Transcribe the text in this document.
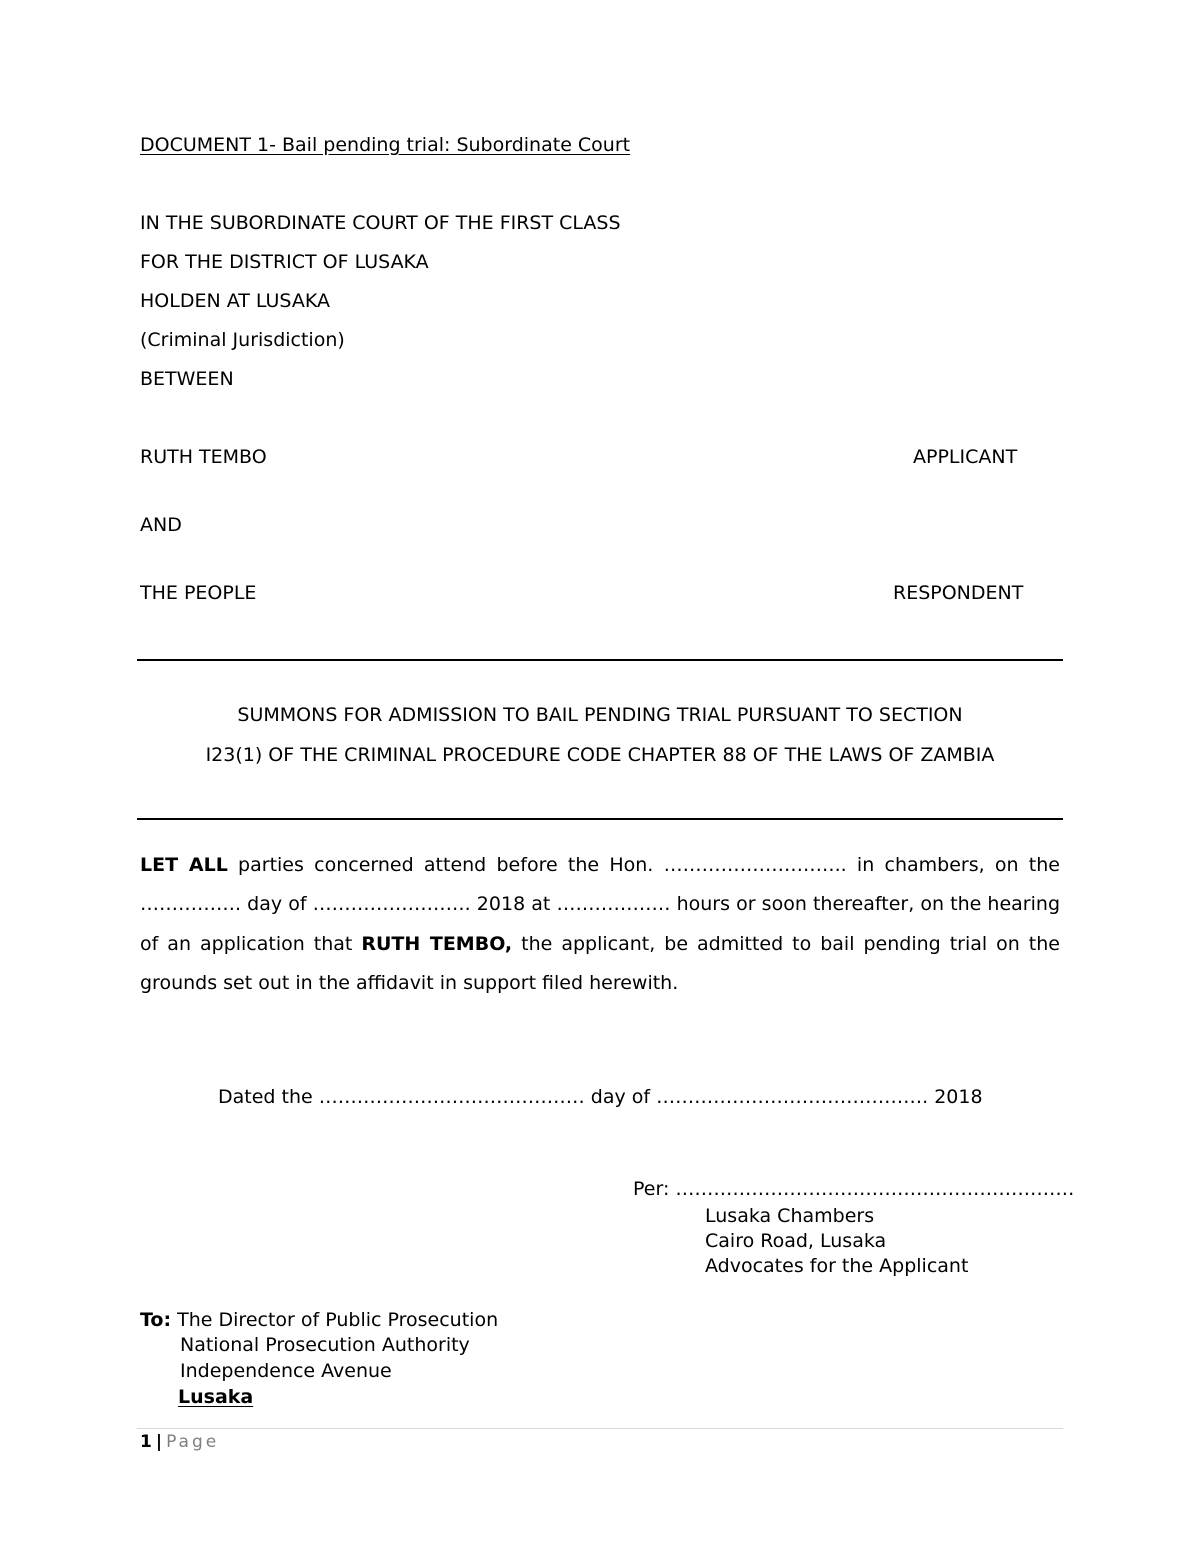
DOCUMENT 1- Bail pending trial: Subordinate Court
IN THE SUBORDINATE COURT OF THE FIRST CLASS
FOR THE DISTRICT OF LUSAKA
HOLDEN AT LUSAKA
(Criminal Jurisdiction)
BETWEEN
RUTH TEMBO	APPLICANT
AND
THE PEOPLE	RESPONDENT
SUMMONS FOR ADMISSION TO BAIL PENDING TRIAL PURSUANT TO SECTION
I23(1) OF THE CRIMINAL PROCEDURE CODE CHAPTER 88 OF THE LAWS OF ZAMBIA
LET ALL parties concerned attend before the Hon. ……………………….. in chambers, on the ……………. day of ……………………. 2018 at ……………… hours or soon thereafter, on the hearing of an application that RUTH TEMBO, the applicant, be admitted to bail pending trial on the grounds set out in the affidavit in support filed herewith.
Dated the …………………………………… day of ……………………………………. 2018
Per: ………………………………………………………
Lusaka Chambers
Cairo Road, Lusaka
Advocates for the Applicant
To: The Director of Public Prosecution
National Prosecution Authority
Independence Avenue
Lusaka
1 | Page
